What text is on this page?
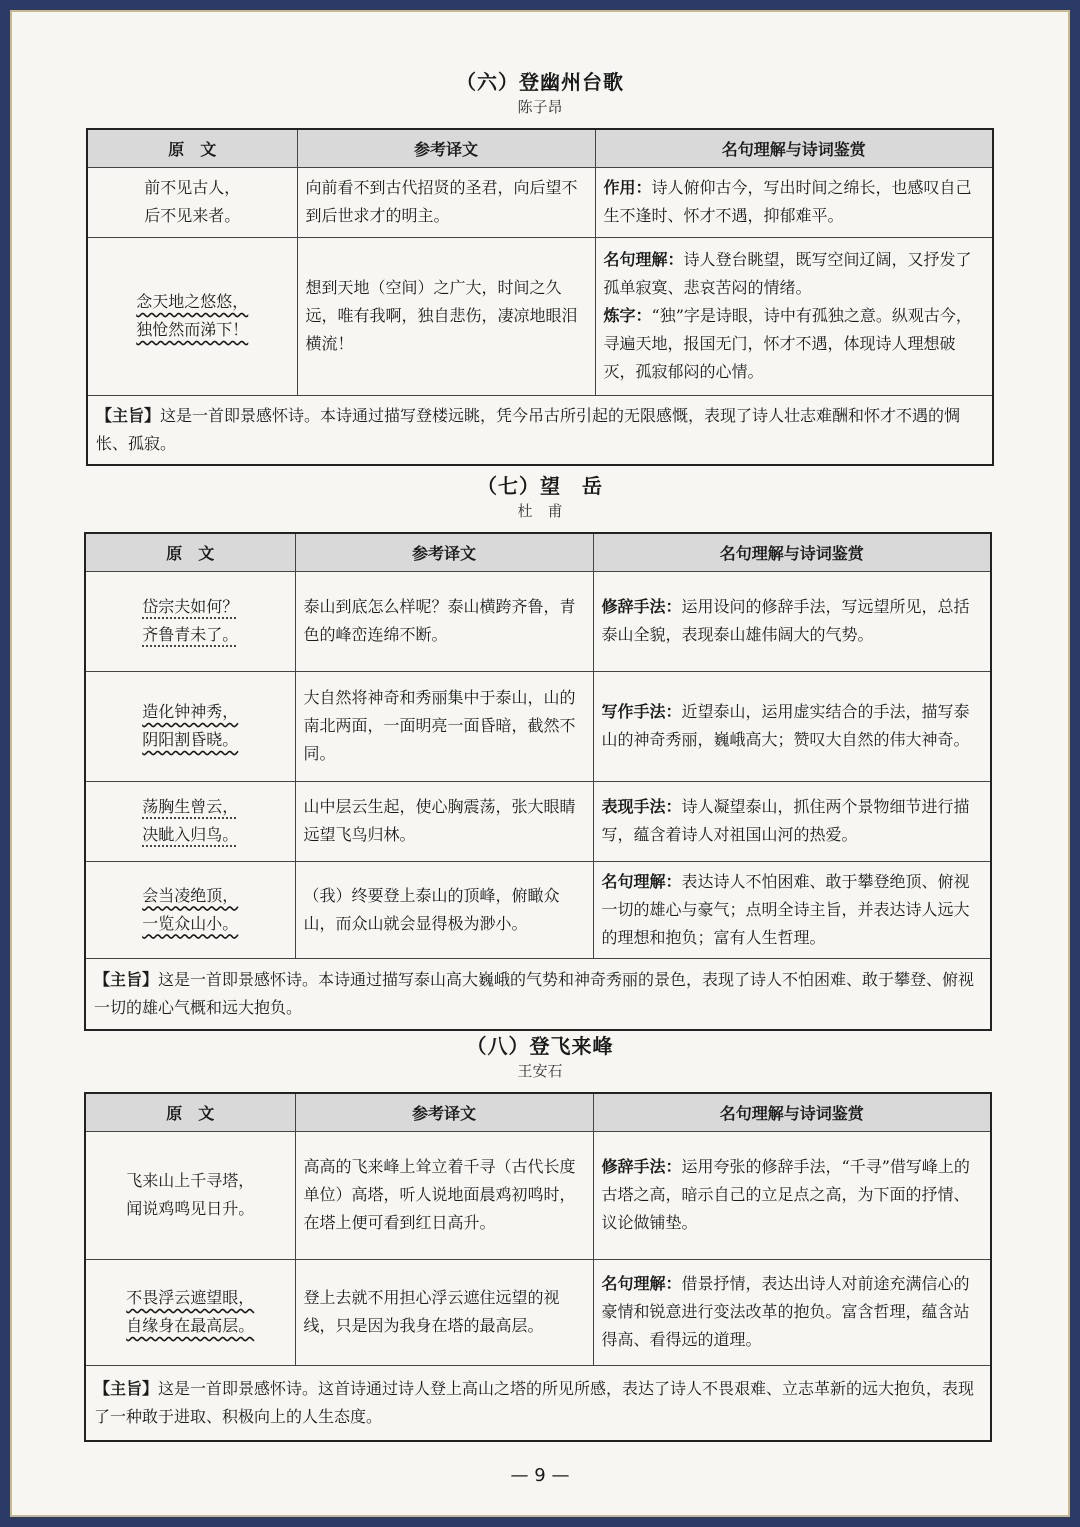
（六）登幽州台歌
陈子昂
原　文	参考译文	名句理解与诗词鉴赏

前不见古人，
后不见来者。	向前看不到古代招贤的圣君，向后望不到后世求才的明主。	作用：诗人俯仰古今，写出时间之绵长，也感叹自己生不逢时、怀才不遇，抑郁难平。

念天地之悠悠，
独怆然而涕下！	想到天地（空间）之广大，时间之久远，唯有我啊，独自悲伤，凄凉地眼泪横流！	名句理解：诗人登台眺望，既写空间辽阔，又抒发了孤单寂寞、悲哀苦闷的情绪。
炼字：“独”字是诗眼，诗中有孤独之意。纵观古今，寻遍天地，报国无门，怀才不遇，体现诗人理想破灭，孤寂郁闷的心情。
【主旨】这是一首即景感怀诗。本诗通过描写登楼远眺，凭今吊古所引起的无限感慨，表现了诗人壮志难酬和怀才不遇的惆怅、孤寂。		
（七）望　岳
杜　甫
原　文	参考译文	名句理解与诗词鉴赏

岱宗夫如何？
齐鲁青未了。	泰山到底怎么样呢？泰山横跨齐鲁，青色的峰峦连绵不断。	修辞手法：运用设问的修辞手法，写远望所见，总括泰山全貌，表现泰山雄伟阔大的气势。

造化钟神秀，
阴阳割昏晓。	大自然将神奇和秀丽集中于泰山，山的南北两面，一面明亮一面昏暗，截然不同。	写作手法：近望泰山，运用虚实结合的手法，描写泰山的神奇秀丽，巍峨高大；赞叹大自然的伟大神奇。

荡胸生曾云，
决眦入归鸟。	山中层云生起，使心胸震荡，张大眼睛远望飞鸟归林。	表现手法：诗人凝望泰山，抓住两个景物细节进行描写，蕴含着诗人对祖国山河的热爱。

会当凌绝顶，
一览众山小。	（我）终要登上泰山的顶峰，俯瞰众山，而众山就会显得极为渺小。	名句理解：表达诗人不怕困难、敢于攀登绝顶、俯视一切的雄心与豪气；点明全诗主旨，并表达诗人远大的理想和抱负；富有人生哲理。
【主旨】这是一首即景感怀诗。本诗通过描写泰山高大巍峨的气势和神奇秀丽的景色，表现了诗人不怕困难、敢于攀登、俯视一切的雄心气概和远大抱负。		
（八）登飞来峰
王安石
原　文	参考译文	名句理解与诗词鉴赏

飞来山上千寻塔，
闻说鸡鸣见日升。	高高的飞来峰上耸立着千寻（古代长度单位）高塔，听人说地面晨鸡初鸣时，在塔上便可看到红日高升。	修辞手法：运用夸张的修辞手法，“千寻”借写峰上的古塔之高，暗示自己的立足点之高，为下面的抒情、议论做铺垫。

不畏浮云遮望眼，
自缘身在最高层。	登上去就不用担心浮云遮住远望的视线，只是因为我身在塔的最高层。	名句理解：借景抒情，表达出诗人对前途充满信心的豪情和锐意进行变法改革的抱负。富含哲理，蕴含站得高、看得远的道理。
【主旨】这是一首即景感怀诗。这首诗通过诗人登上高山之塔的所见所感，表达了诗人不畏艰难、立志革新的远大抱负，表现了一种敢于进取、积极向上的人生态度。		
— 9 —
